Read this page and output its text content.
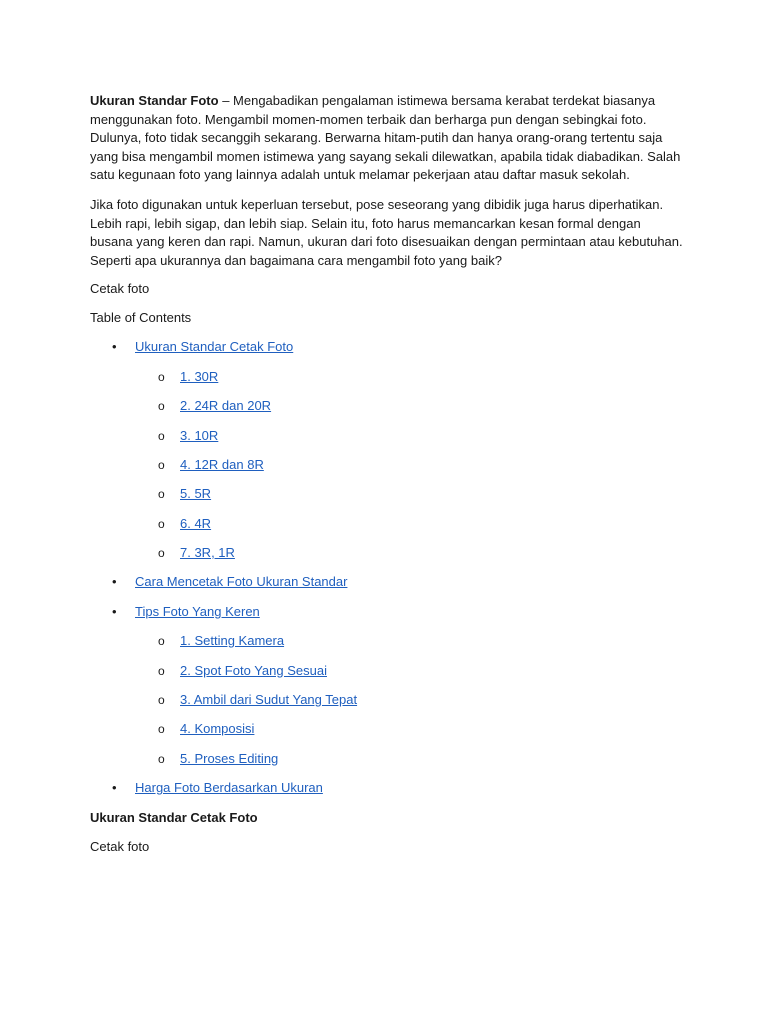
Ukuran Standar Foto – Mengabadikan pengalaman istimewa bersama kerabat terdekat biasanya menggunakan foto. Mengambil momen-momen terbaik dan berharga pun dengan sebingkai foto. Dulunya, foto tidak secanggih sekarang. Berwarna hitam-putih dan hanya orang-orang tertentu saja yang bisa mengambil momen istimewa yang sayang sekali dilewatkan, apabila tidak diabadikan. Salah satu kegunaan foto yang lainnya adalah untuk melamar pekerjaan atau daftar masuk sekolah.

Jika foto digunakan untuk keperluan tersebut, pose seseorang yang dibidik juga harus diperhatikan. Lebih rapi, lebih sigap, dan lebih siap. Selain itu, foto harus memancarkan kesan formal dengan busana yang keren dan rapi. Namun, ukuran dari foto disesuaikan dengan permintaan atau kebutuhan. Seperti apa ukurannya dan bagaimana cara mengambil foto yang baik?

Cetak foto

Table of Contents

• Ukuran Standar Cetak Foto
o 1. 30R
o 2. 24R dan 20R
o 3. 10R
o 4. 12R dan 8R
o 5. 5R
o 6. 4R
o 7. 3R, 1R
• Cara Mencetak Foto Ukuran Standar
• Tips Foto Yang Keren
o 1. Setting Kamera
o 2. Spot Foto Yang Sesuai
o 3. Ambil dari Sudut Yang Tepat
o 4. Komposisi
o 5. Proses Editing
• Harga Foto Berdasarkan Ukuran

Ukuran Standar Cetak Foto

Cetak foto
